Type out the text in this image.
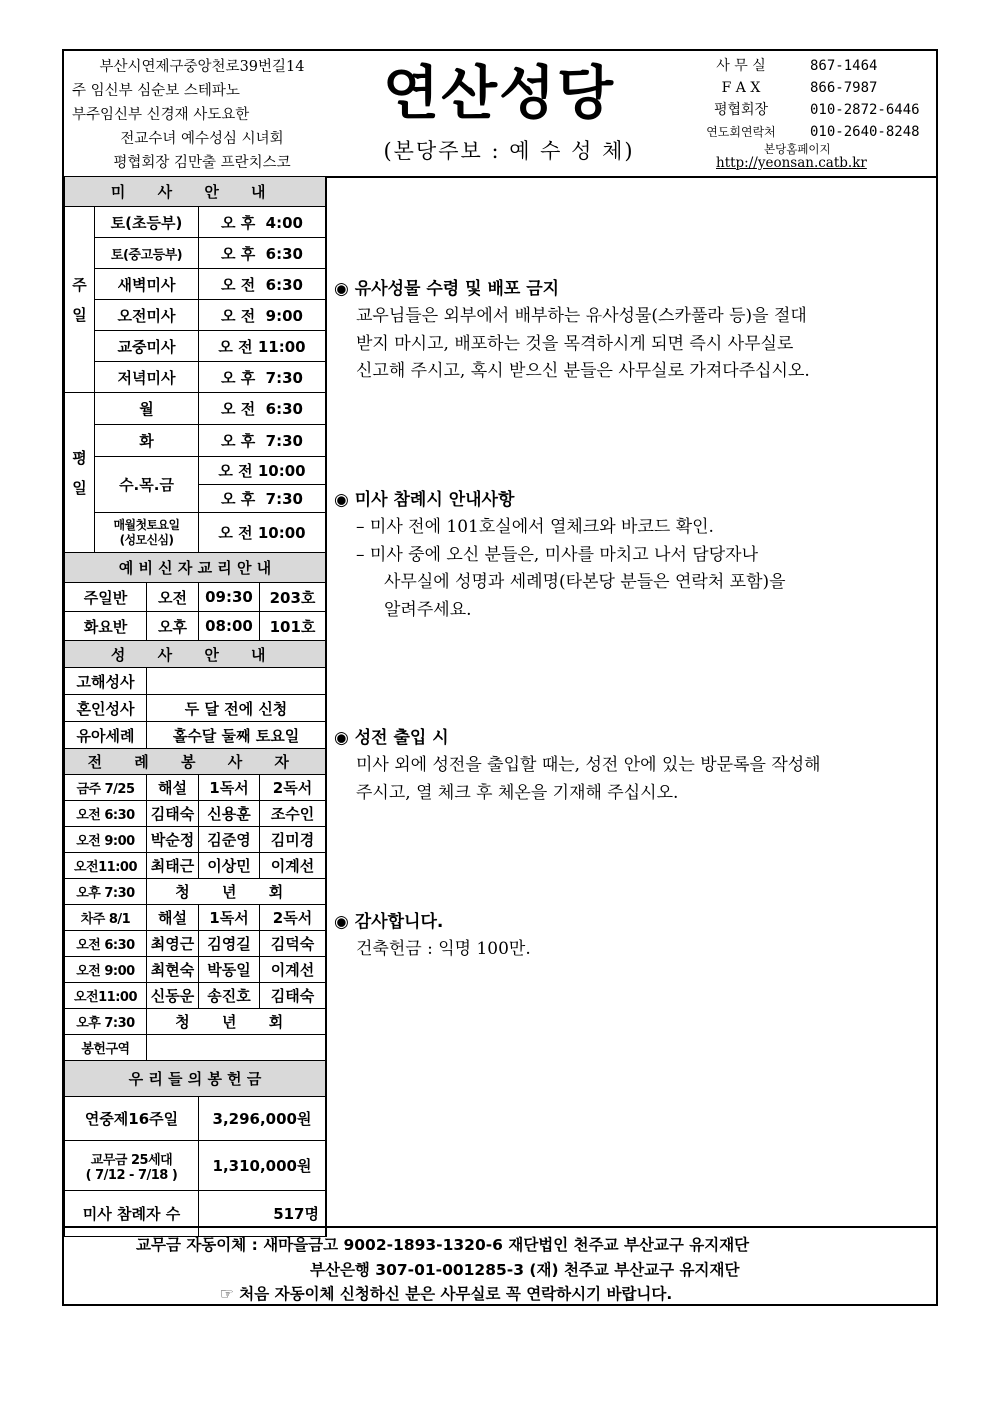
부산시연제구중앙천로39번길14
주 임신부 심순보 스테파노
부주임신부 신경재 사도요한
전교수녀 예수성심 시녀회
평협회장 김만출 프란치스코
연산성당
(본당주보 : 예 수 성 체)
사 무 실	867-1464
F A X	866-7987
평협회장	010-2872-6446
연도회연락처	010-2640-8248
본당홈페이지
http://yeonsan.catb.kr
미 사 안 내				
주일	토(초등부)		오 후  4:00	
	토(중고등부)		오 후  6:30	
	새벽미사		오 전  6:30	
	오전미사		오 전  9:00	
	교중미사		오 전 11:00	
	저녁미사		오 후  7:30	
평일	월		오 전  6:30	
	화		오 후  7:30	
	수.목.금		오 전 10:00	
			오 후  7:30	

	매월첫토요일
(성모신심)		오 전 10:00	
예 비 신 자 교 리 안 내				
주일반		오전	09:30	203호
화요반		오후	08:00	101호
성 사 안 내				
고해성사				
혼인성사		두 달 전에 신청		
유아세례		홀수달 둘째 토요일		
전 례 봉 사 자				
금주 7/25		해설	1독서	2독서
오전 6:30		김태숙	신용훈	조수인
오전 9:00		박순정	김준영	김미경
오전11:00		최태근	이상민	이계선
오후 7:30		청 년 회		
차주 8/1		해설	1독서	2독서
오전 6:30		최영근	김영길	김덕숙
오전 9:00		최현숙	박동일	이계선
오전11:00		신동운	송진호	김태숙
오후 7:30		청 년 회		
봉헌구역				
우 리 들 의 봉 헌 금				
연중제16주일			3,296,000원	

교무금 25세대
( 7/12 - 7/18 )			1,310,000원	
미사 참례자 수			517명	
◉ 유사성물 수령 및 배포 금지

교우님들은 외부에서 배부하는 유사성물(스카풀라 등)을 절대

받지 마시고, 배포하는 것을 목격하시게 되면 즉시 사무실로

신고해 주시고, 혹시 받으신 분들은 사무실로 가져다주십시오.

◉ 미사 참례시 안내사항
– 미사 전에 101호실에서 열체크와 바코드 확인.
– 미사 중에 오신 분들은, 미사를 마치고 나서 담당자나
사무실에 성명과 세례명(타본당 분들은 연락처 포함)을
알려주세요.
◉ 성전 출입 시

미사 외에 성전을 출입할 때는, 성전 안에 있는 방문록을 작성해

주시고, 열 체크 후 체온을 기재해 주십시오.

◉ 감사합니다.

건축헌금 : 익명 100만.

교무금 자동이체 : 새마을금고 9002-1893-1320-6 재단법인 천주교 부산교구 유지재단
부산은행 307-01-001285-3 (재) 천주교 부산교구 유지재단
☞ 처음 자동이체 신청하신 분은 사무실로 꼭 연락하시기 바랍니다.
